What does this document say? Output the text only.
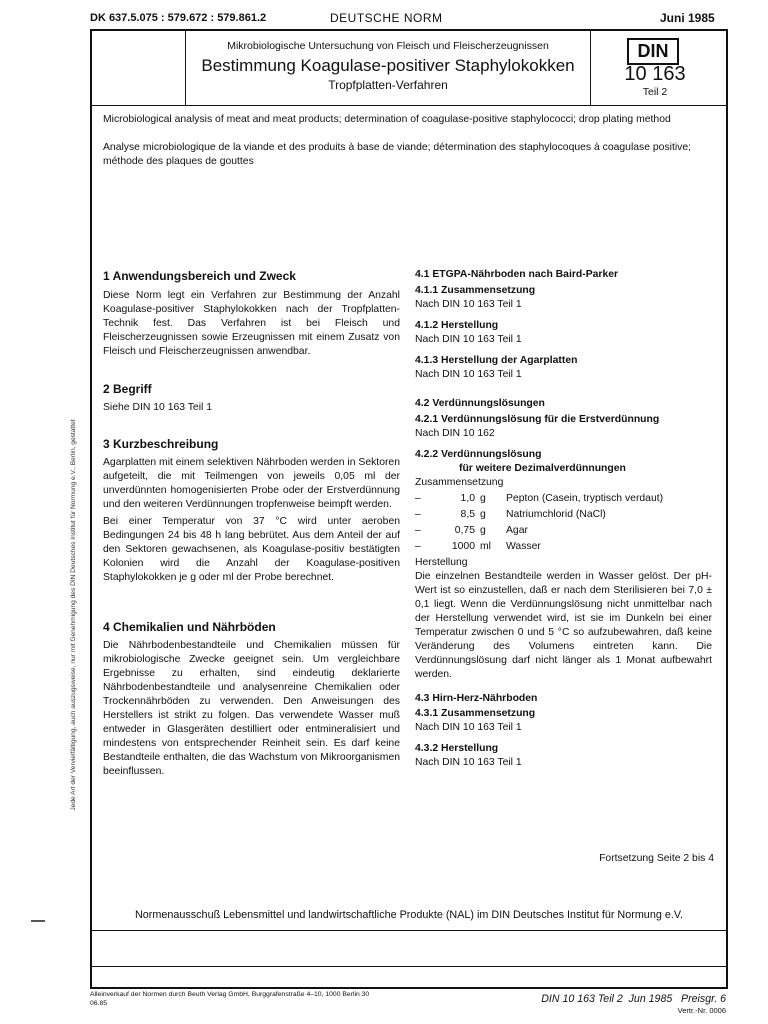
DK 637.5.075 : 579.672 : 579.861.2	DEUTSCHE NORM	Juni 1985
Mikrobiologische Untersuchung von Fleisch und Fleischerzeugnissen
Bestimmung Koagulase-positiver Staphylokokken
Tropfplatten-Verfahren
DIN
10 163
Teil 2
Microbiological analysis of meat and meat products; determination of coagulase-positive staphylococci; drop plating method
Analyse microbiologique de la viande et des produits à base de viande; détermination des staphylocoques à coagulase positive; méthode des plaques de gouttes
Jede Art der Vervielfältigung, auch auszugsweise, nur mit Genehmigung des DIN Deutsches Institut für Normung e.V., Berlin, gestattet
1 Anwendungsbereich und Zweck
Diese Norm legt ein Verfahren zur Bestimmung der Anzahl Koagulase-positiver Staphylokokken nach der Tropfplatten-Technik fest. Das Verfahren ist bei Fleisch und Fleischerzeugnissen sowie Erzeugnissen mit einem Zusatz von Fleisch und Fleischerzeugnissen anwendbar.
2 Begriff
Siehe DIN 10 163 Teil 1
3 Kurzbeschreibung
Agarplatten mit einem selektiven Nährboden werden in Sektoren aufgeteilt, die mit Teilmengen von jeweils 0,05 ml der unverdünnten homogenisierten Probe oder der Erstverdünnung und den weiteren Verdünnungen tropfenweise beimpft werden.
Bei einer Temperatur von 37 °C wird unter aeroben Bedingungen 24 bis 48 h lang bebrütet. Aus dem Anteil der auf den Sektoren gewachsenen, als Koagulase-positiv bestätigten Kolonien wird die Anzahl der Koagulase-positiven Staphylokokken je g oder ml der Probe berechnet.
4 Chemikalien und Nährböden
Die Nährbodenbestandteile und Chemikalien müssen für mikrobiologische Zwecke geeignet sein. Um vergleichbare Ergebnisse zu erhalten, sind eindeutig deklarierte Nährbodenbestandteile und analysenreine Chemikalien oder Trockennährböden zu verwenden. Den Anweisungen des Herstellers ist strikt zu folgen. Das verwendete Wasser muß entweder in Glasgeräten destilliert oder entmineralisiert und mindestens von entsprechender Reinheit sein. Es darf keine Bestandteile enthalten, die das Wachstum von Mikroorganismen beeinflussen.
4.1 ETGPA-Nährboden nach Baird-Parker
4.1.1 Zusammensetzung
Nach DIN 10 163 Teil 1
4.1.2 Herstellung
Nach DIN 10 163 Teil 1
4.1.3 Herstellung der Agarplatten
Nach DIN 10 163 Teil 1
4.2 Verdünnungslösungen
4.2.1 Verdünnungslösung für die Erstverdünnung
Nach DIN 10 162
4.2.2 Verdünnungslösung
für weitere Dezimalverdünnungen
Zusammensetzung
–	1,0 g	Pepton (Casein, tryptisch verdaut)
–	8,5 g	Natriumchlorid (NaCl)
–	0,75 g	Agar
–	1000 ml	Wasser
Herstellung
Die einzelnen Bestandteile werden in Wasser gelöst. Der pH-Wert ist so einzustellen, daß er nach dem Sterilisieren bei 7,0 ± 0,1 liegt. Wenn die Verdünnungslösung nicht unmittelbar nach der Herstellung verwendet wird, ist sie im Dunkeln bei einer Temperatur zwischen 0 und 5 °C so aufzubewahren, daß keine Veränderung des Volumens eintreten kann. Die Verdünnungslösung darf nicht länger als 1 Monat aufbewahrt werden.
4.3 Hirn-Herz-Nährboden
4.3.1 Zusammensetzung
Nach DIN 10 163 Teil 1
4.3.2 Herstellung
Nach DIN 10 163 Teil 1
Fortsetzung Seite 2 bis 4
Normenausschuß Lebensmittel und landwirtschaftliche Produkte (NAL) im DIN Deutsches Institut für Normung e.V.
Alleinverkauf der Normen durch Beuth Verlag GmbH, Burggrafenstraße 4–10, 1000 Berlin 30
06.85	DIN 10 163 Teil 2  Jun 1985   Preisgr. 6
Vertr.-Nr. 0006
